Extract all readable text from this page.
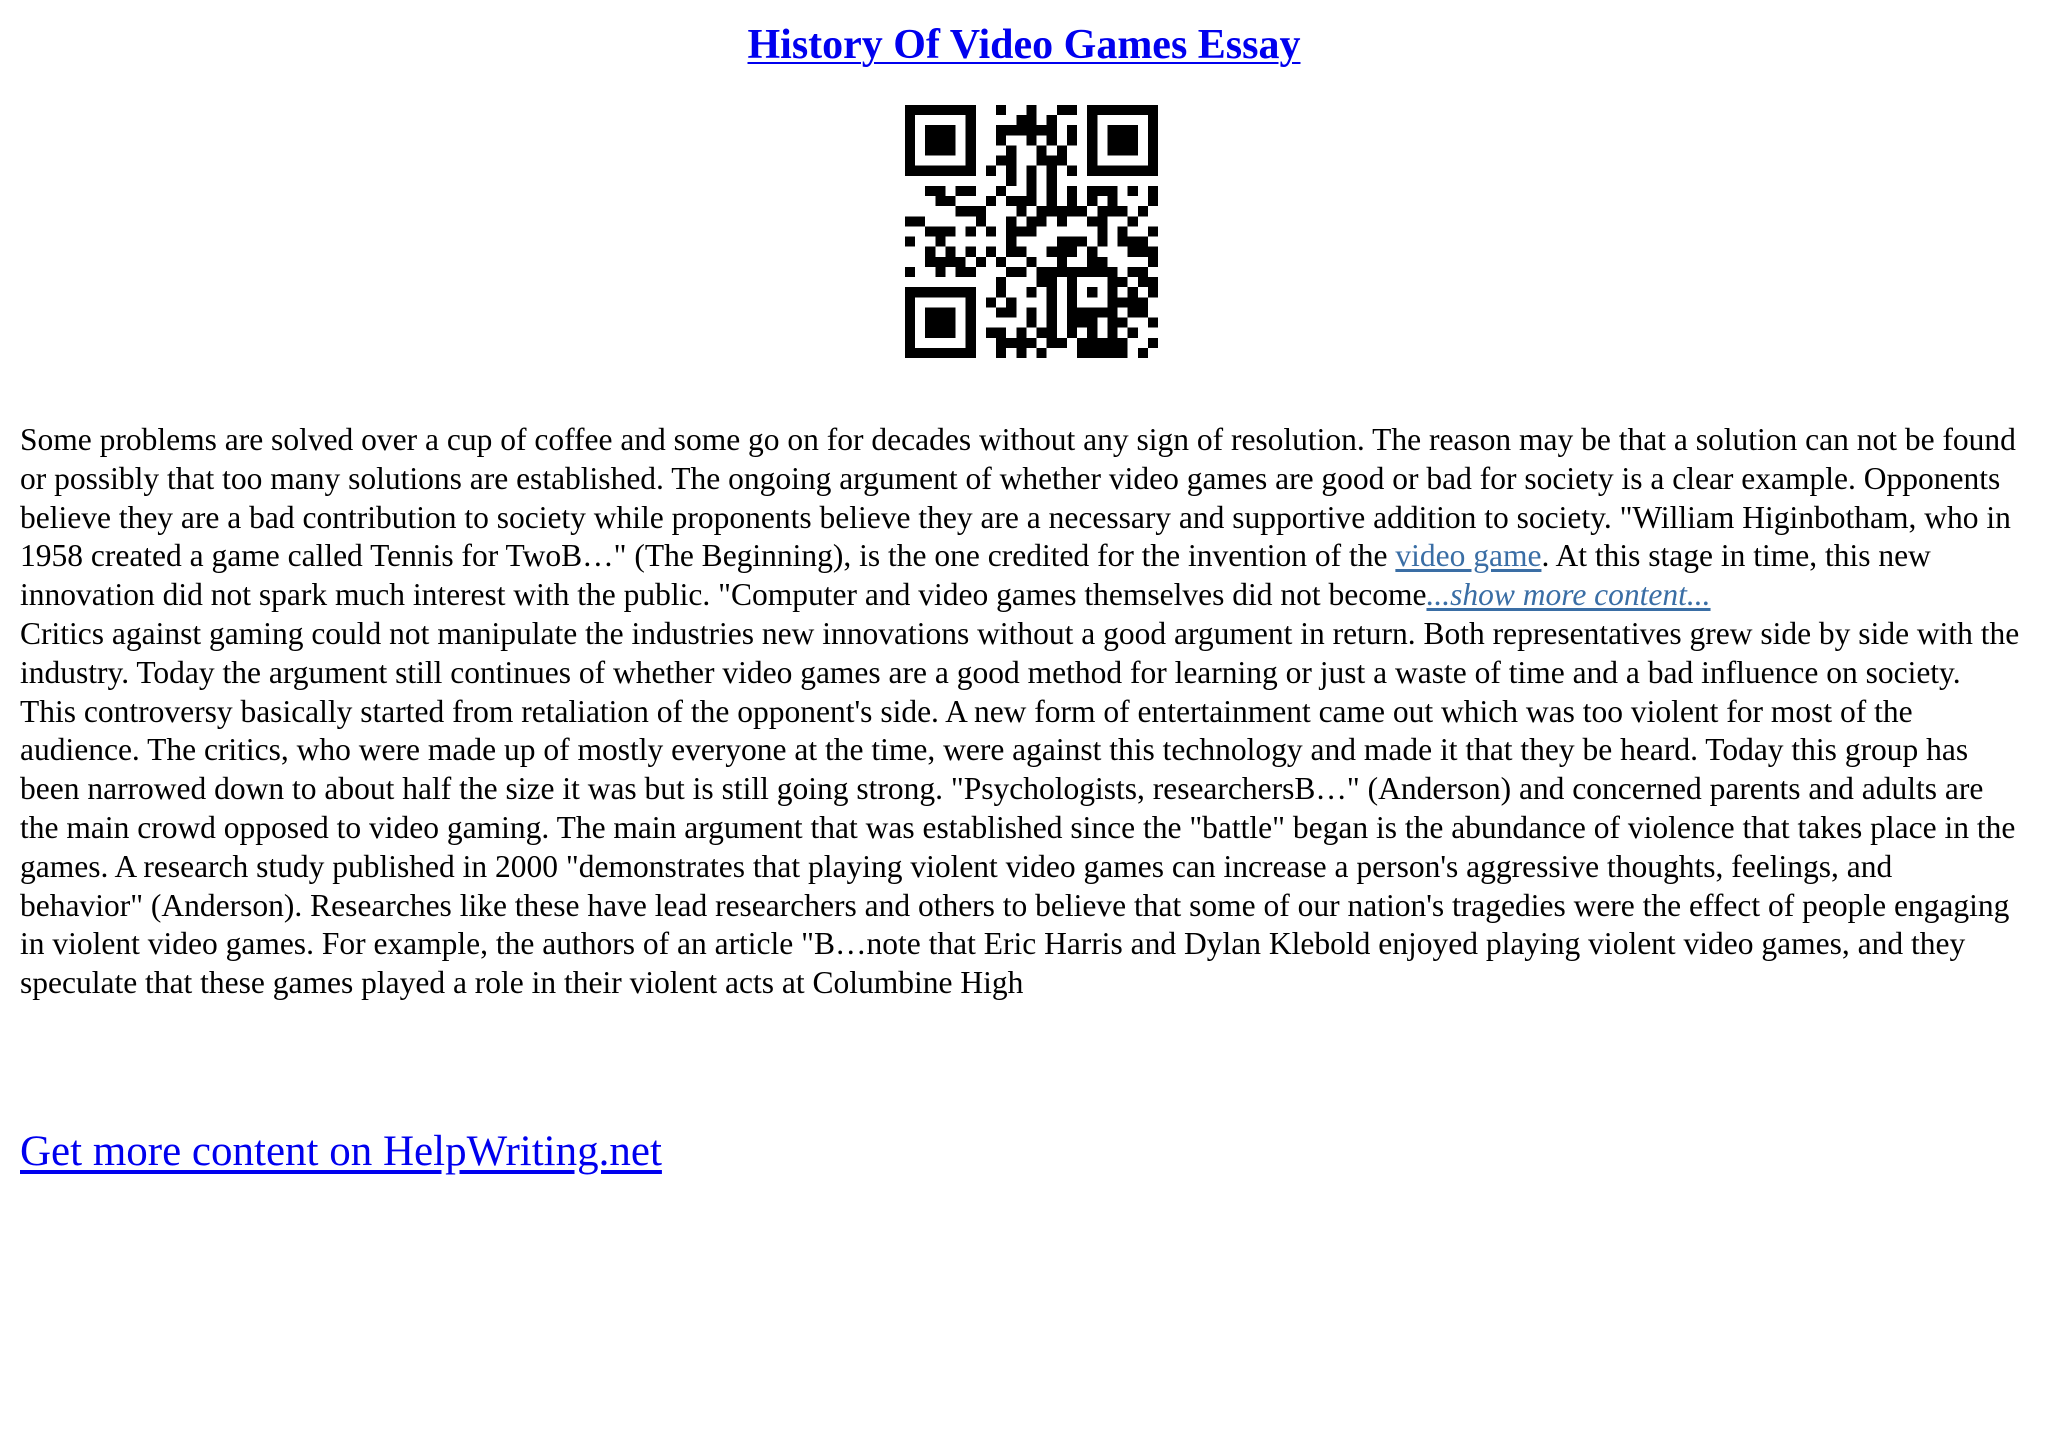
History Of Video Games Essay

Some problems are solved over a cup of coffee and some go on for decades without any sign of resolution. The reason may be that a solution can not be found or possibly that too many solutions are established. The ongoing argument of whether video games are good or bad for society is a clear example. Opponents believe they are a bad contribution to society while proponents believe they are a necessary and supportive addition to society. "William Higinbotham, who in 1958 created a game called Tennis for TwoB…" (The Beginning), is the one credited for the invention of the video game. At this stage in time, this new innovation did not spark much interest with the public. "Computer and video games themselves did not become...show more content...

Critics against gaming could not manipulate the industries new innovations without a good argument in return. Both representatives grew side by side with the industry. Today the argument still continues of whether video games are a good method for learning or just a waste of time and a bad influence on society. This controversy basically started from retaliation of the opponent's side. A new form of entertainment came out which was too violent for most of the audience. The critics, who were made up of mostly everyone at the time, were against this technology and made it that they be heard. Today this group has been narrowed down to about half the size it was but is still going strong. "Psychologists, researchersB…" (Anderson) and concerned parents and adults are the main crowd opposed to video gaming. The main argument that was established since the "battle" began is the abundance of violence that takes place in the games. A research study published in 2000 "demonstrates that playing violent video games can increase a person's aggressive thoughts, feelings, and behavior" (Anderson). Researches like these have lead researchers and others to believe that some of our nation's tragedies were the effect of people engaging in violent video games. For example, the authors of an article "B…note that Eric Harris and Dylan Klebold enjoyed playing violent video games, and they speculate that these games played a role in their violent acts at Columbine High

Get more content on HelpWriting.net
